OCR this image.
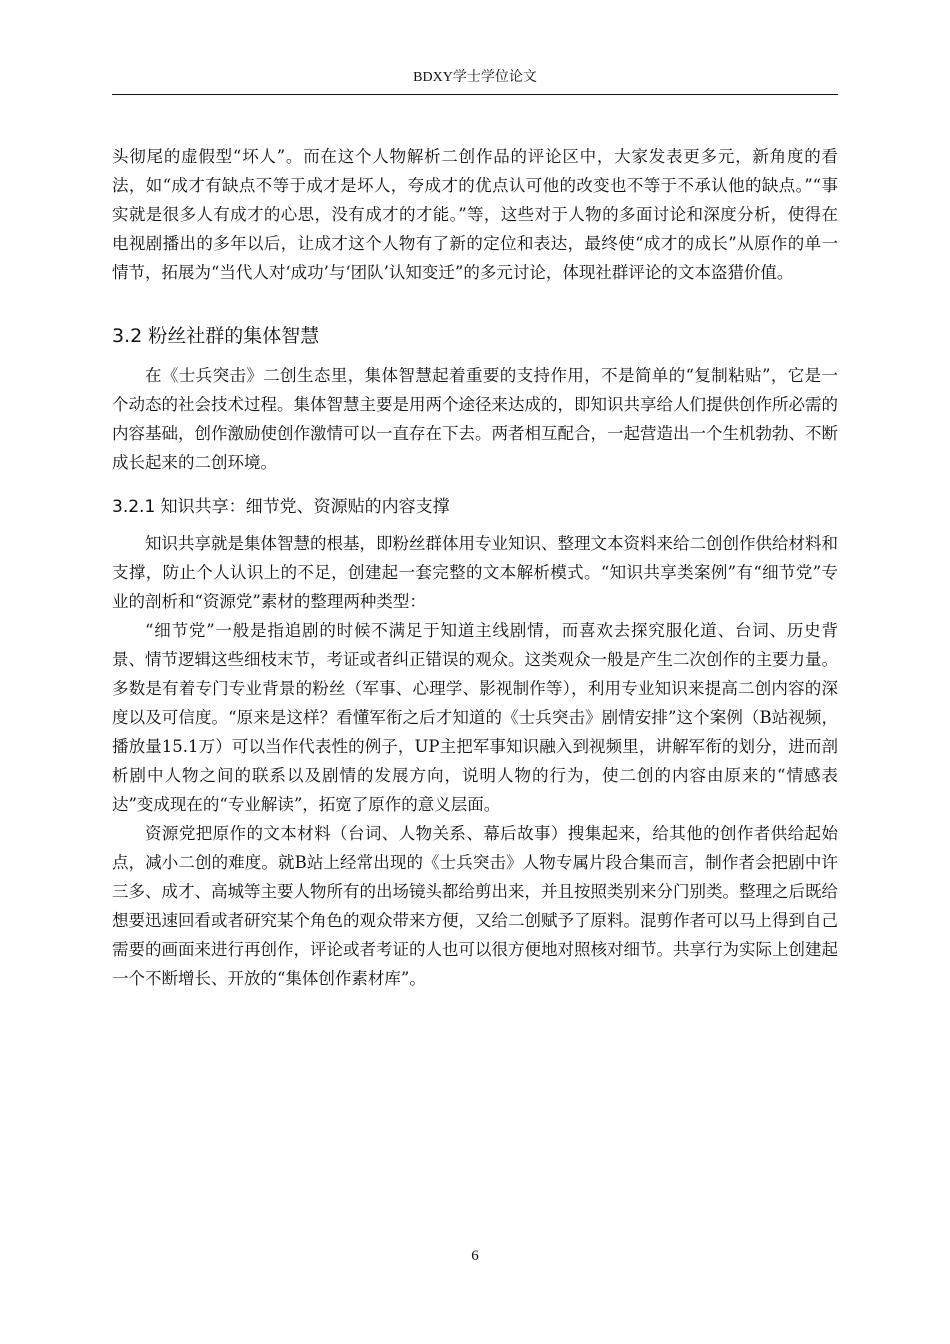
BDXY学士学位论文

头彻尾的虚假型“坏人”。而在这个人物解析二创作品的评论区中，大家发表更多元，新角度的看法，如“成才有缺点不等于成才是坏人，夸成才的优点认可他的改变也不等于不承认他的缺点。”“事实就是很多人有成才的心思，没有成才的才能。”等，这些对于人物的多面讨论和深度分析，使得在电视剧播出的多年以后，让成才这个人物有了新的定位和表达，最终使“成才的成长”从原作的单一情节，拓展为“当代人对‘成功’与‘团队’认知变迁”的多元讨论，体现社群评论的文本盗猎价值。

3.2 粉丝社群的集体智慧

在《士兵突击》二创生态里，集体智慧起着重要的支持作用，不是简单的“复制粘贴”，它是一个动态的社会技术过程。集体智慧主要是用两个途径来达成的，即知识共享给人们提供创作所必需的内容基础，创作激励使创作激情可以一直存在下去。两者相互配合，一起营造出一个生机勃勃、不断成长起来的二创环境。

3.2.1 知识共享：细节党、资源贴的内容支撑

知识共享就是集体智慧的根基，即粉丝群体用专业知识、整理文本资料来给二创创作供给材料和支撑，防止个人认识上的不足，创建起一套完整的文本解析模式。“知识共享类案例”有“细节党”专业的剖析和“资源党”素材的整理两种类型：

“细节党”一般是指追剧的时候不满足于知道主线剧情，而喜欢去探究服化道、台词、历史背景、情节逻辑这些细枝末节，考证或者纠正错误的观众。这类观众一般是产生二次创作的主要力量。多数是有着专门专业背景的粉丝（军事、心理学、影视制作等），利用专业知识来提高二创内容的深度以及可信度。“原来是这样？看懂军衔之后才知道的《士兵突击》剧情安排”这个案例（B站视频，播放量15.1万）可以当作代表性的例子，UP主把军事知识融入到视频里，讲解军衔的划分，进而剖析剧中人物之间的联系以及剧情的发展方向，说明人物的行为，使二创的内容由原来的“情感表达”变成现在的“专业解读”，拓宽了原作的意义层面。

资源党把原作的文本材料（台词、人物关系、幕后故事）搜集起来，给其他的创作者供给起始点，减小二创的难度。就B站上经常出现的《士兵突击》人物专属片段合集而言，制作者会把剧中许三多、成才、高城等主要人物所有的出场镜头都给剪出来，并且按照类别来分门别类。整理之后既给想要迅速回看或者研究某个角色的观众带来方便，又给二创赋予了原料。混剪作者可以马上得到自己需要的画面来进行再创作，评论或者考证的人也可以很方便地对照核对细节。共享行为实际上创建起一个不断增长、开放的“集体创作素材库”。

6
